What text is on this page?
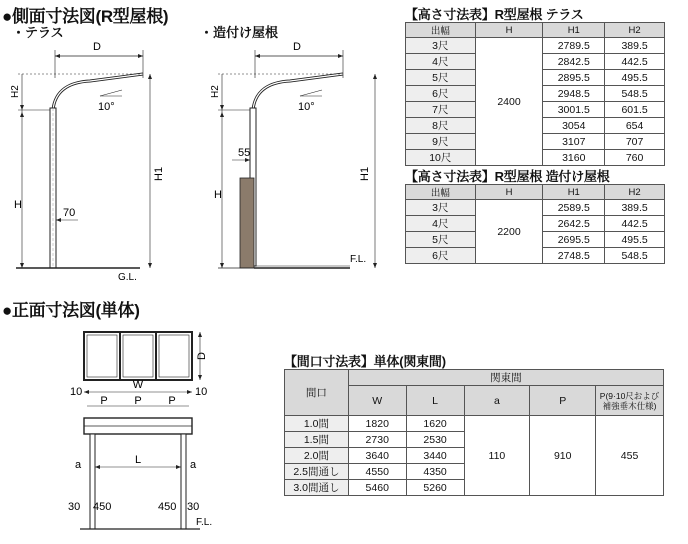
●側面寸法図(R型屋根)
・テラス	・造付け屋根
●正面寸法図(単体)
D
10°
H2
H
H1
70
G.L.
D
10°
H2
H
55
H1
F.L.
【高さ寸法表】R型屋根 テラス
出幅	H	H1	H2
3尺	2400	2789.5	389.5
4尺		2842.5	442.5
5尺		2895.5	495.5
6尺		2948.5	548.5
7尺		3001.5	601.5
8尺		3054	654
9尺		3107	707
10尺		3160	760
【高さ寸法表】R型屋根 造付け屋根
出幅	H	H1	H2
3尺	2200	2589.5	389.5
4尺		2642.5	442.5
5尺		2695.5	495.5
6尺		2748.5	548.5
D
W
10	10
P P P
L
a	a
30 450	450 30
F.L.
【間口寸法表】単体(関東間)
間口	関東間				
	W	L	a	P	P(9·10尺および補強垂木仕様)
1.0間	1820	1620	110	910	455
1.5間	2730	2530			
2.0間	3640	3440			
2.5間通し	4550	4350			
3.0間通し	5460	5260			
